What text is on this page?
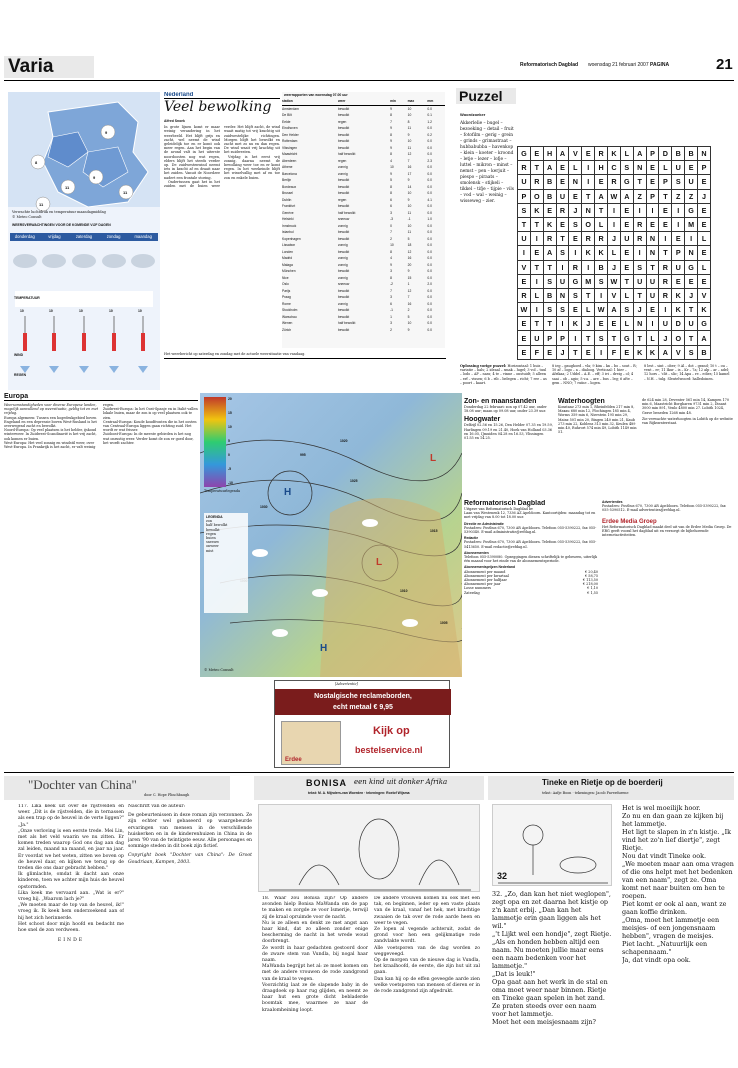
Varia	Reformatorisch Dagblad woensdag 21 februari 2007 PAGINA	21
9
9
8
11
11
11
Verwachte luchtdruk en temperatuur maandagmiddag
© Meteo Consult
WEERSVERWACHTINGEN VOOR DE KOMENDE VIJF DAGEN
donderdag	vrijdag	zaterdag	zondag	maandag
TEMPERATUUR
10	10	10	10	10
WIND
REGEN
Nederland
Veel bewolking
Alfred Snoek

In grote lijnen komt er maar weinig verandering in het weerbeeld. Het blijft grijs en zacht, wel neemt de wind geleidelijk toe en er komt ook meer regen. Aan het begin van de avond valt in het uiterste noordoosten nog wat regen, elders blijft het steeds verder op. De zuidwestenwind neemt iets in kracht af en draait naar het zuiden. Vanuit de Noordzee nadert een frontale storing.

Ondertussen gaat het in het zuiden met de buien weer verder. Het blijft zacht, de wind waait matig tot vrij krachtig uit zuidwestelijke richtingen. Morgen blijft het bewolkt en zacht met zo nu en dan regen. De wind waait vrij krachtig uit het zuidwesten.

Vrijdag is het eerst vrij zonnig, daarna neemt de bewolking weer toe en er komt regen. In het weekeinde blijft het wisselvallig met af en toe zon en enkele buien.

weerrapporten van woensdag 07.00 uur
station	weer	min	max	mm
Amsterdam	bewolkt	9	10	0.0
De Bilt	bewolkt	8	10	0.1
Eelde	regen	7	8	1.2
Eindhoven	bewolkt	9	11	0.0
Den Helder	bewolkt	8	9	0.2
Rotterdam	bewolkt	9	10	0.0
Vlissingen	bewolkt	9	11	0.0
Maastricht	half bewolkt	8	12	0.0
Aberdeen	regen	4	7	2.3
Athene	zonnig	10	16	0.0
Barcelona	zonnig	9	17	0.0
Berlijn	bewolkt	5	9	0.0
Bordeaux	bewolkt	8	14	0.0
Brussel	bewolkt	8	10	0.0
Dublin	regen	6	9	4.1
Frankfurt	bewolkt	6	10	0.0
Genève	half bewolkt	3	11	0.0
Helsinki	sneeuw	-3	-1	1.0
Innsbruck	zonnig	0	10	0.0
Istanbul	bewolkt	7	11	0.0
Kopenhagen	bewolkt	2	5	0.0
Lissabon	zonnig	10	18	0.0
Londen	bewolkt	8	12	0.0
Madrid	zonnig	4	16	0.0
Malaga	zonnig	9	20	0.0
München	bewolkt	3	9	0.0
Nice	zonnig	8	15	0.0
Oslo	sneeuw	-2	1	2.0
Parijs	bewolkt	7	12	0.0
Praag	bewolkt	3	7	0.0
Rome	zonnig	6	16	0.0
Stockholm	bewolkt	-1	2	0.0
Warschau	bewolkt	1	5	0.0
Wenen	half bewolkt	3	10	0.0
Zürich	bewolkt	2	9	0.0
Het weerbericht op zaterdag en zondag met de actuele weersituatie van vandaag.
Puzzel
Woordzoeker
Akkerlelie – bugel – bezoeking – detail – fruit – fotofilm – gerig – grein – grinds – grimastraat – hubbabubba – havenkop – klein – koeter – kroond – letje – lezer – lofje – luttel – mikron – minst – nemst – pen – kerjuit – piespo – piraats – smolensk – stijkeli – tikkel – tifje – tijpie – vils – vod – wal – weinig – wisseweg – zier.
G	E	H	A	V	E	R	K	L	A	P	D	B	B	N
R	T	A	E	L	I	H	C	S	N	E	L	U	E	P
U	R	B	E	N	I	E	R	G	T	E	P	S	U	E
P	O	B	U	E	T	A	W	A	Z	P	T	Z	Z	J
S	K	E	R	J	N	T	I	E	I	I	E	I	G	E
T	T	K	E	S	O	L	I	E	R	E	E	I	M	E
U	I	R	T	E	R	R	J	U	R	N	I	E	I	L
I	E	A	S	I	K	K	L	E	I	N	T	P	N	E
V	T	T	I	R	I	B	J	E	S	T	R	U	G	L
E	I	S	U	G	M	S	W	T	U	U	R	E	E	E
R	L	B	N	S	T	I	V	L	T	U	R	K	J	V
W	I	S	S	E	L	W	A	S	J	E	I	K	T	K
E	T	T	I	K	J	E	E	L	N	I	U	D	U	G
E	U	P	P	I	T	S	T	G	T	L	J	O	T	A
E	F	E	J	T	E	I	F	E	K	K	A	V	S	B
Oplossing vorige puzzel: Horizontaal: 1 huis – variatie – hals; 2 ideaal – smak – lugel; 3 vol – tuul – lodo – AP – nass; 4 te – vinne – onstuidt; 5 alleen – erf – vissen; 6 b – rib – belegen – richt; 7 ree – as – poort – kaart.
8 ieg – gaughoed – vla; 9 kim – kn – bo – sout – R; 10 af – logo – a – dialoog. Verticaal: 1 hier – Afrikaa; 2 Uddel – A.E. – eff; 3 ivi – dreig – ol; 4 saai – ob – agio; 5 v.a. – are – bus – leg; 6 afte – gem – NNO; 7 ruïne – logen.
8 lest – sint – ober; 9 Al – dot – grand; 10 t – ou – vent – er; 11 Ikur – is – Kr – 7a; 12 alp – ar – adel; 12 hors – 'clit – slic; 14 Apa – re – edies; 15 kamel – N.H. – tulg. Sleutelwoord: halledoinen.
Europa

Weersomstandigheden voor diverse Europese landen, mogelijk aanvullend op weersituatie, geldig tot en met vrijdag.

Europa algemeen: Tussen een hogedrukgebied boven Engeland en een depressie boven West-Rusland is het overwegend zacht en bewolkt.

Noord-Europa: Op veel plaatsen is het helder, ijskoud winterweer. In Zuidwest-Scandinavië is het vrij zacht, ook komen er buien.

West-Europa: Het veel zonnig en windstil weer, over West-Europa. In Frankrijk is het zacht, er valt weinig regen.

Zuidwest-Europa: In het Oost-Spanje en in Italië vallen lokale buien, maar de zon is op veel plaatsen ook te zien.

Centraal-Europa: Koude koudfronten die in het oosten van Centraal-Europa liggen gaan richting zuid. Het wordt er wat frisser.

Zuidoost-Europa: In de meeste gebieden is het nog wat onrustig weer. Verder komt de zon er goed door, het wordt zachter.

20
15
10
5
0
-5
-10
Temperatuurlegenda	H
L
L
H
1020
1025
1030
1015
1010
1005
995
LEGENDA
zon
half bewolkt
bewolkt
regen
buien
sneeuw
onweer
mist
© Meteo Consult
Zon- en maanstanden
Donderdag 22 februari: zon op 07.42 uur, onder 18.08 uur; maan op 09.08 uur, onder 23.39 uur.
Hoogwater
Delfzijl 02.56 en 15.26, Den Helder 07.35 en 19.59, Harlingen 09.19 en 21.40, Hoek van Holland 03.36 en 16.05, IJmuiden 04.28 en 16.53, Vlissingen 01.55 en 14.25.
Waterhoogten
Konstanz 273 min 1, Rheinfelden 217 min 8, Maxau 680 min 12, Plochingen 185 min 4, Worms 359 min 6, Nierstein 195 min 29, Mainz 501 min 20, Bingen 240 min 21, Kaub 273 min 22, Koblenz 313 min 32, Keulen 489 min 40, Ruhrort 574 min 49, Lobith 1149 min 51.
de 624 min 28, Deventer 561 min 14, Kampen 170 min 6, Maastricht Borgharen 9731 min 2, Dinant 3000 min 891, Venlo 4800 min 27. Lobith 1024, Grave beneden 1268 min 48.
Zie verwachte waterhoogten in Lobith op de website van Rijkswaterstaat.
Reformatorisch Dagblad
Uitgave van Reformatorisch Dagblad bv
Laan van Westenenk 12, 7336 AZ Apeldoorn. Kantoortijden: maandag tot en met vrijdag van 8.00 tot 18.00 uur.
Directie en Administratie
Postadres: Postbus 670, 7300 AR Apeldoorn. Telefoon 055-5390222, fax 055-5390340. E-mail administratie@refdag.nl.
Redactie
Postadres: Postbus 670, 7300 AR Apeldoorn. Telefoon 055-5390222, fax 055-5413650. E-mail redactie@refdag.nl.
Abonnementen
Telefoon 055-5390080. Opzeggingen dienen schriftelijk te gebeuren, uiterlijk één maand voor het einde van de abonnementsperiode.
Abonnementsprijzen Nederland
Abonnement per maand	€ 20,40
Abonnement per kwartaal	€ 58,75
Abonnement per halfjaar	€ 113,50
Abonnement per jaar	€ 218,00
Losse nummers	€ 1,10
Zaterdag	€ 1,55
Advertenties
Postadres: Postbus 670, 7300 AR Apeldoorn. Telefoon 055-5390222, fax 055-5390512. E-mail advertenties@refdag.nl.
Erdee Media Groep
Het Reformatorisch Dagblad maakt deel uit van de Erdee Media Groep. De ERG geeft vooral het dagblad uit en verzorgt de bijbehorende internetactiviteiten.
[Advertentie]
Nostalgische reclameborden,
echt metaal € 9,95
Erdee
Kijk op
bestelservice.nl
"Dochter van China"
door C. Hope Flinchbaugh

117. Lika keek uit over de rijstvelden en weer. „Dit is de rijstvelden, die in ternassen als een trap op de heuvel in de verte liggen?"

„Ja."

„Onze verloving is een eerste trede. Mei Lin, met als het veld waarin we nu zitten. Er komen treden waarop God ons dag aan dag zal leiden, maand na maand, en jaar na jaar. Er voordat we het weten, zitten we boven op de heuvel daar, en kijken we terug op de treden die ons daar gebracht hebben."

Ik glimlachte, omdat ik dacht aan onze kinderen, toen we achter mijn huis de heuvel opstormden.

Lika keek me vervaard aan. „Wat is er?" vroeg hij. „Waarom lach je?"

„We moeten maar de top van de heuvel, ik!" vroeg ik. Ik keek hem onderzoekend aan of hij het zich herinnerde.

Het schoot door mijn hoofd en bedacht me hoe snel de zon verdween.

EINDE

Naschrift van de auteur:

De gebeurtenissen in deze roman zijn verzonnen. Ze zijn echter wel gebaseerd op waargebeurde ervaringen van mensen in de verschillende huiskerken en in de kinderenhuizen in China in de jaren '90 van de twintigste eeuw. Alle personages en sommige steden in dit boek zijn fictief.

Copyright boek "Dochter van China": De Groot Goudriaan, Kampen, 2003.

BONISA een kind uit donker Afrika
tekst: M. A. Mijnders-van Woerden · tekeningen: Roelof Wijsma
18. Waar zou Bonisa zijn? Op andere avonden hielp Bonisa MaWanda om de pap te maken en zorgde ze voor Ismerije, terwijl zij de kraal opruimde voor de nacht.
Nu is ze alleen en denkt ze met angst aan haar kind, dat zo alleen zonder enige bescherming de nacht in het wrede woud doorbrengt.
Ze wordt in haar gedachten gestoord door de zware stem van Vundla, bij nogal haar naam.
MaWanda begrijpt het al: ze moet komen om met de andere vrouwen de rode zandgrond van de kraal te vegen.
Voorzichtig laat ze de slapende baby in de draagdoek op haar rug glijden, en neemt ze haar hut een grote dicht bebladerde boomtak mee, waarmee ze naar de kraalomheining loopt.
De andere vrouwen komen nu ook met een tak, en beginnen, ieder op een vaste plaats van de kraal, vanaf het hek, met krachtige zwaaien de tak over de rode aarde heen en weer te vegen.
Ze lopen al vegende achteruit, zodat de grond voor hen een gelijkmatige rode zandvlakte wordt.
Alle voetsporen van de dag worden zo weggeveegd.
Op de morgen van de nieuwe dag is Vundla, het kraalhoofd, de eerste, die zijn hut uit zal gaan.
Dan kan hij op de effen geveegde aarde zien welke voetsporen van mensen of dieren er in de rode zandgrond zijn afgedrukt.
Tineke en Rietje op de boerderij
tekst: Aafje Boon · tekeningen: Jacob Faverdurene
32
32. „Zo, dan kan het niet weglopen", zegt opa en zet daarna het kistje op z'n kant erbij. „Dan kan het lammetje erin gaan liggen als het wil."
„'t Lijkt wel een hondje", zegt Rietje.
„Als en honden hebben altijd een naam. Nu moeten jullie maar eens een naam bedenken voor het lammetje."
„Dat is leuk!"
Opa gaat aan het werk in de stal en oma moet weer naar binnen. Rietje en Tineke gaan spelen in het zand.
Ze praten steeds over een naam voor het lammetje.
Moet het een meisjesnaam zijn?
Het is wel moeilijk hoor.
Zo nu en dan gaan ze kijken bij het lammetje.
Het ligt te slapen in z'n kistje. „Ik vind het zo'n lief diertje", zegt Rietje.
Nou dat vindt Tineke ook.
„We moeten maar aan oma vragen of die ons helpt met het bedenken van een naam", zegt ze. Oma komt net naar buiten om hen te roepen.
Piet komt er ook al aan, want ze gaan koffie drinken.
„Oma, moet het lammetje een meisjes- of een jongensnaam hebben", vragen de meisjes.
Piet lacht. „Natuurlijk een schapennaam."
Ja, dat vindt opa ook.
